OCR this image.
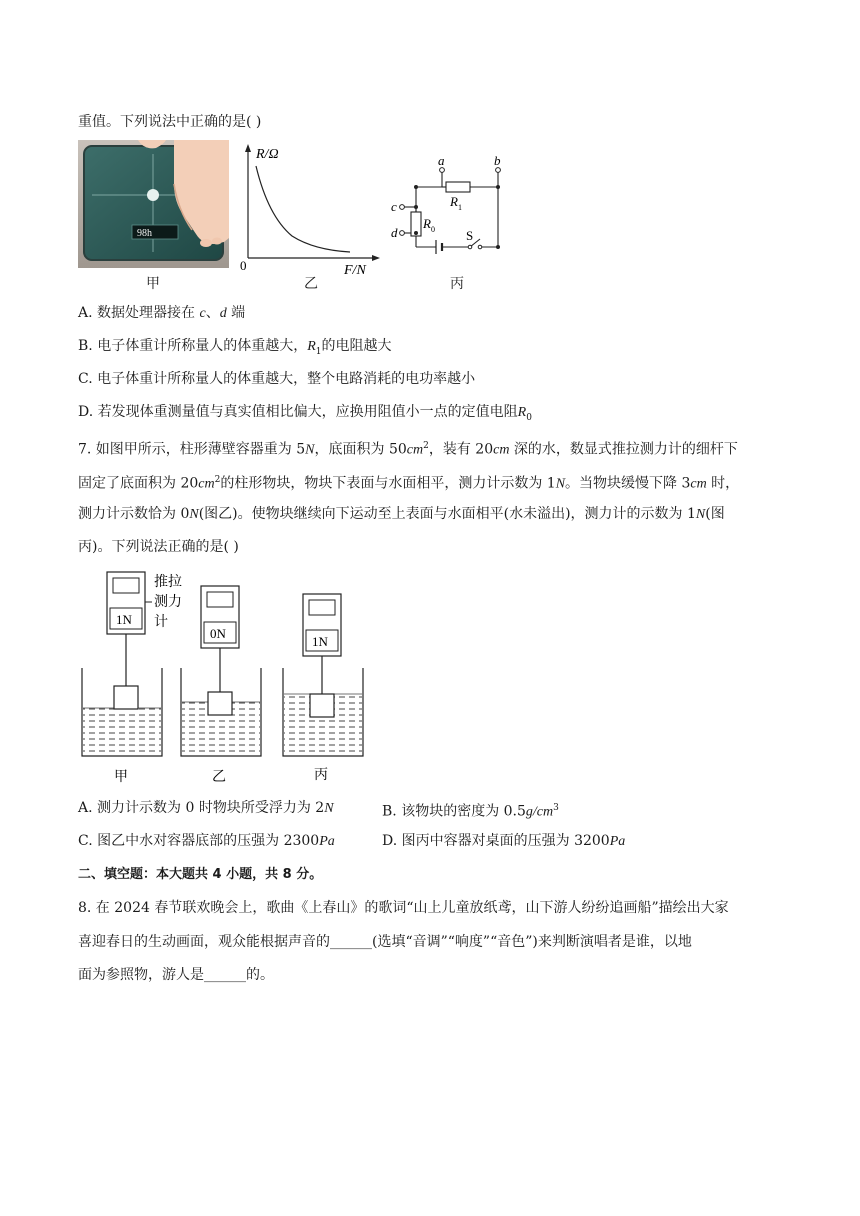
重值。下列说法中正确的是( )
98h
甲
R/Ω
0	F/N
乙
a	b
c
d
R 1
R 0 S
丙
A. 数据处理器接在 c、d 端
B. 电子体重计所称量人的体重越大，$R_1$的电阻越大
C. 电子体重计所称量人的体重越大，整个电路消耗的电功率越小
D. 若发现体重测量值与真实值相比偏大，应换用阻值小一点的定值电阻$R_0$
7. 如图甲所示，柱形薄壁容器重为 5N，底面积为 $50cm^2$，装有 20cm 深的水，数显式推拉测力计的细杆下
固定了底面积为 $20cm^2$的柱形物块，物块下表面与水面相平，测力计示数为 1N。当物块缓慢下降 3cm 时，
测力计示数恰为 0N(图乙)。使物块继续向下运动至上表面与水面相平(水未溢出)，测力计的示数为 1N(图
丙)。下列说法正确的是( )
1N
0N
1N
推拉
测力
计
甲	乙	丙
A. 测力计示数为 0 时物块所受浮力为 2N	B. 该物块的密度为 $0.5g/cm^3$
C. 图乙中水对容器底部的压强为 2300Pa	D. 图丙中容器对桌面的压强为 3200Pa
二、填空题：本大题共 4 小题，共 8 分。
8. 在 2024 春节联欢晚会上，歌曲《上春山》的歌词“山上儿童放纸鸢，山下游人纷纷追画船”描绘出大家
喜迎春日的生动画面，观众能根据声音的______(选填“音调”“响度”“音色”)来判断演唱者是谁，以地
面为参照物，游人是______的。
